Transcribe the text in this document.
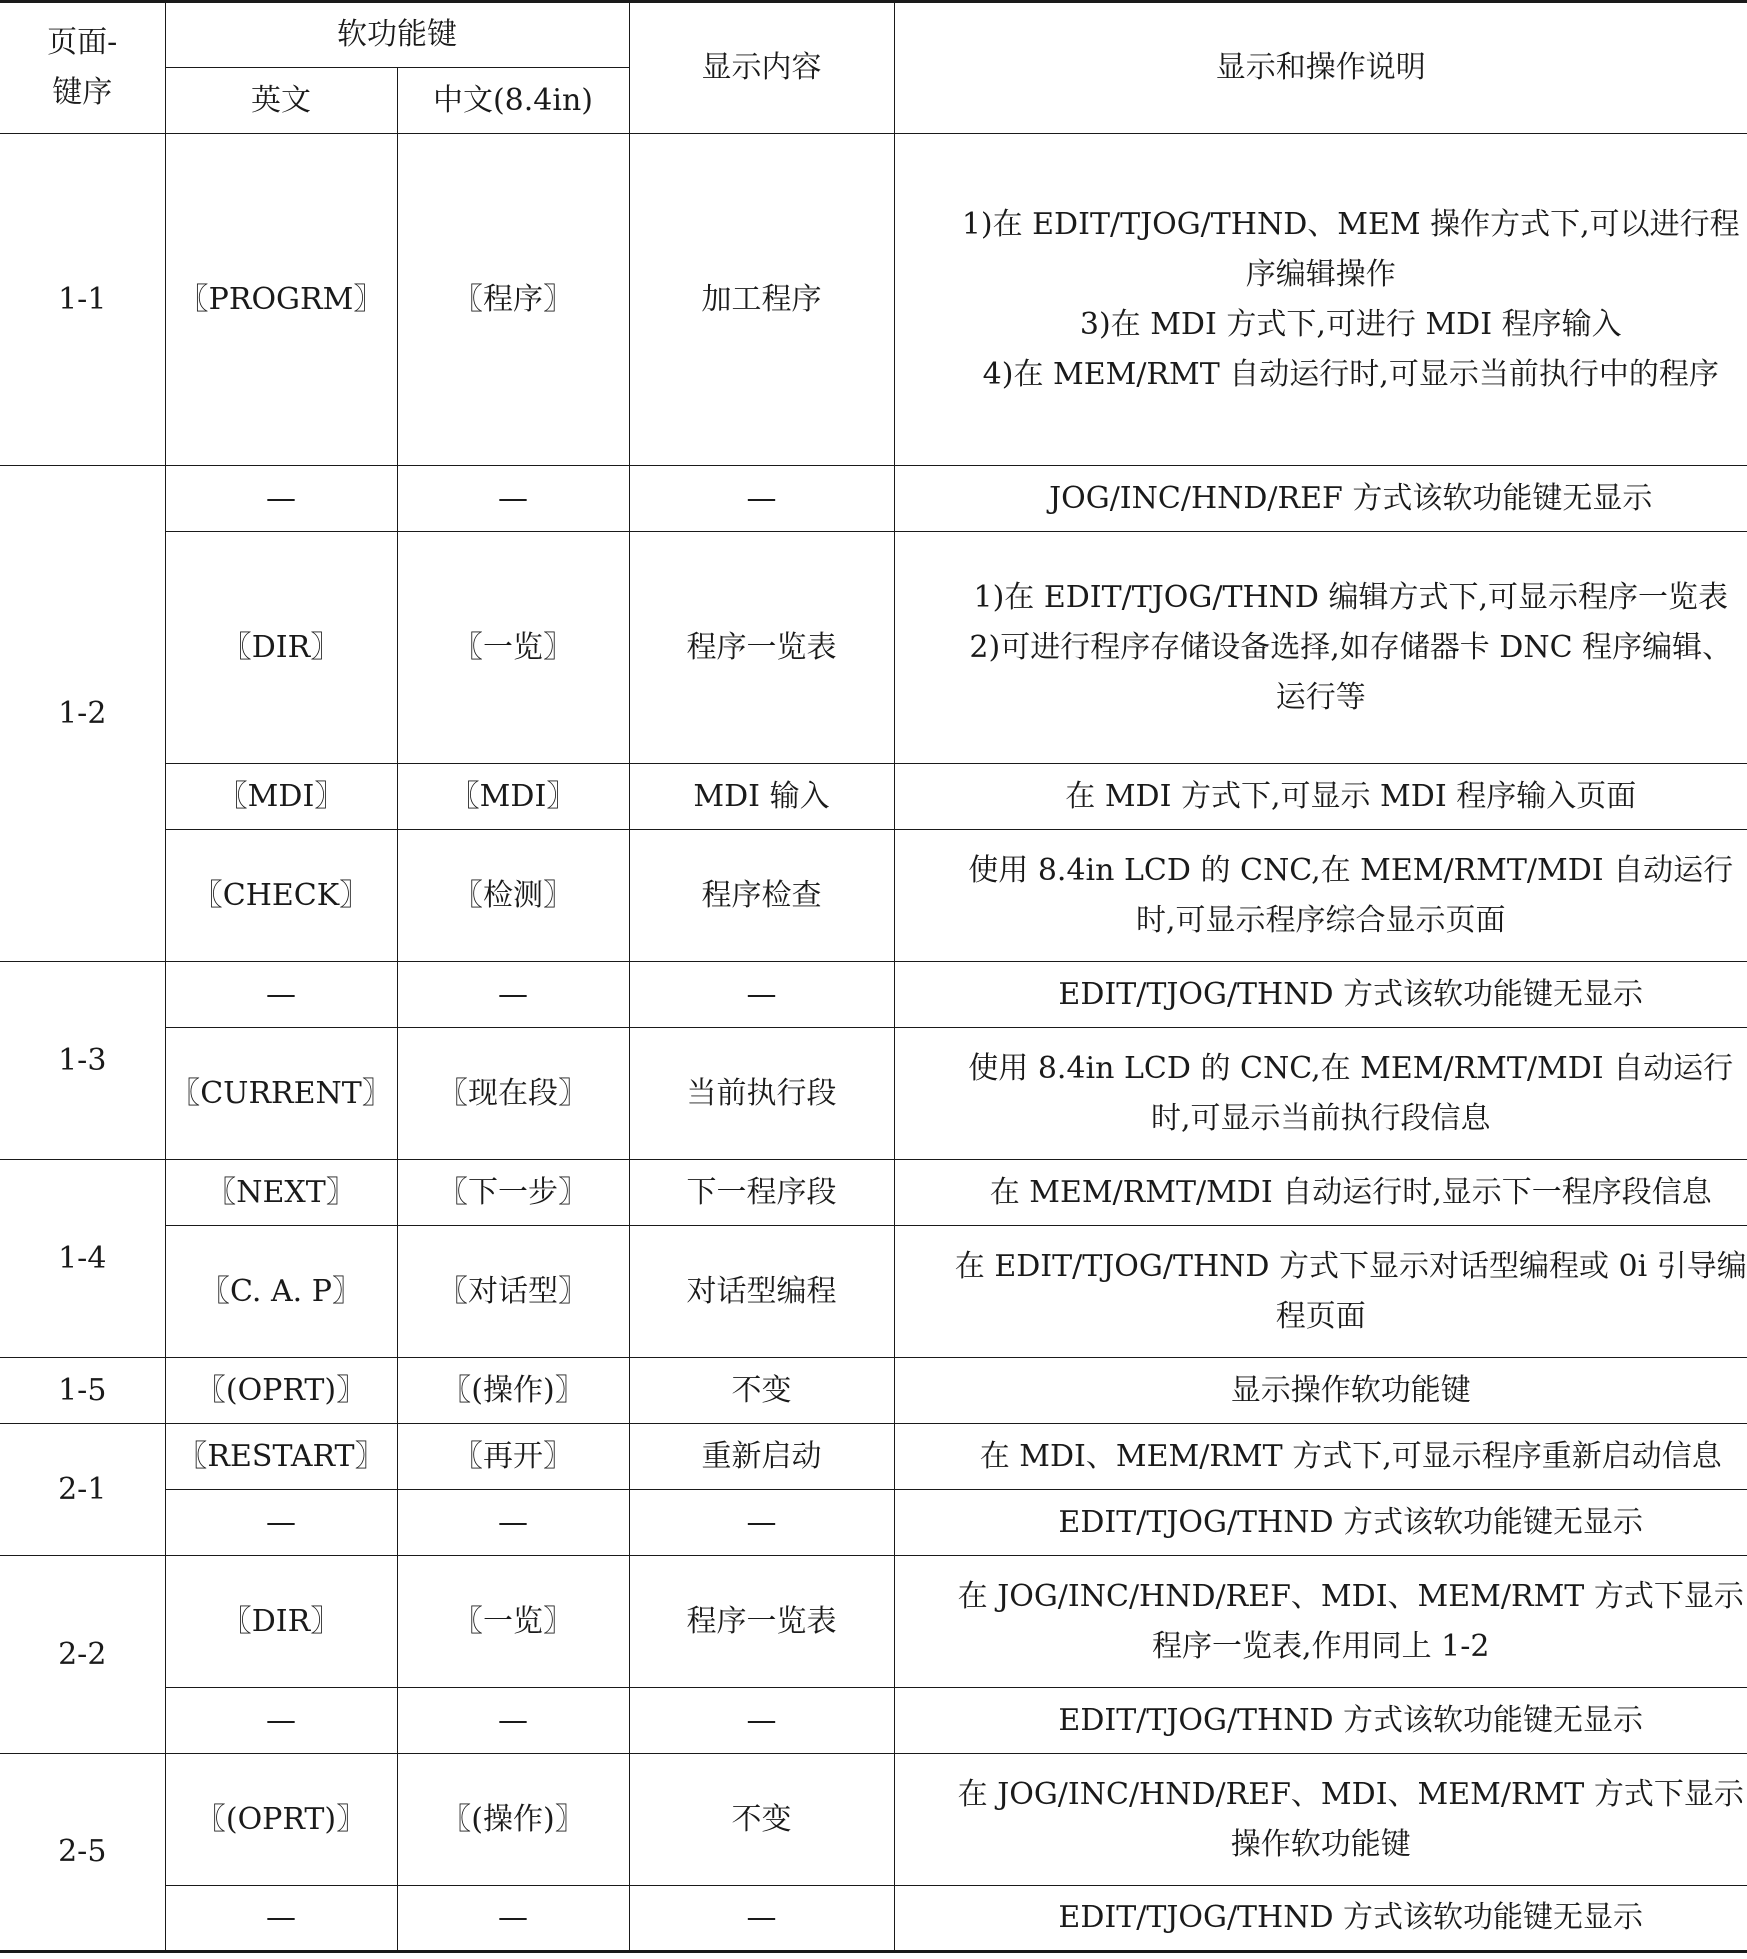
页面-
键序	软功能键		显示内容	显示和操作说明
	英文	中文(8.4in)		
1-1	〖PROGRM〗	〖程序〗	加工程序	1)在 EDIT/TJOG/THND、MEM 操作方式下,可以进行程序编辑操作
3)在 MDI 方式下,可进行 MDI 程序输入
4)在 MEM/RMT 自动运行时,可显示当前执行中的程序

1-2	—	—	—	JOG/INC/HND/REF 方式该软功能键无显示

	〖DIR〗	〖一览〗	程序一览表	1)在 EDIT/TJOG/THND 编辑方式下,可显示程序一览表
2)可进行程序存储设备选择,如存储器卡 DNC 程序编辑、运行等

	〖MDI〗	〖MDI〗	MDI 输入	在 MDI 方式下,可显示 MDI 程序输入页面

	〖CHECK〗	〖检测〗	程序检查	使用 8.4in LCD 的 CNC,在 MEM/RMT/MDI 自动运行时,可显示程序综合显示页面

1-3	—	—	—	EDIT/TJOG/THND 方式该软功能键无显示

	〖CURRENT〗	〖现在段〗	当前执行段	使用 8.4in LCD 的 CNC,在 MEM/RMT/MDI 自动运行时,可显示当前执行段信息

1-4	〖NEXT〗	〖下一步〗	下一程序段	在 MEM/RMT/MDI 自动运行时,显示下一程序段信息

	〖C. A. P〗	〖对话型〗	对话型编程	在 EDIT/TJOG/THND 方式下显示对话型编程或 0i 引导编程页面

1-5	〖(OPRT)〗	〖(操作)〗	不变	显示操作软功能键

2-1	〖RESTART〗	〖再开〗	重新启动	在 MDI、MEM/RMT 方式下,可显示程序重新启动信息

	—	—	—	EDIT/TJOG/THND 方式该软功能键无显示

2-2	〖DIR〗	〖一览〗	程序一览表	在 JOG/INC/HND/REF、MDI、MEM/RMT 方式下显示程序一览表,作用同上 1-2

	—	—	—	EDIT/TJOG/THND 方式该软功能键无显示

2-5	〖(OPRT)〗	〖(操作)〗	不变	在 JOG/INC/HND/REF、MDI、MEM/RMT 方式下显示操作软功能键

	—	—	—	EDIT/TJOG/THND 方式该软功能键无显示
